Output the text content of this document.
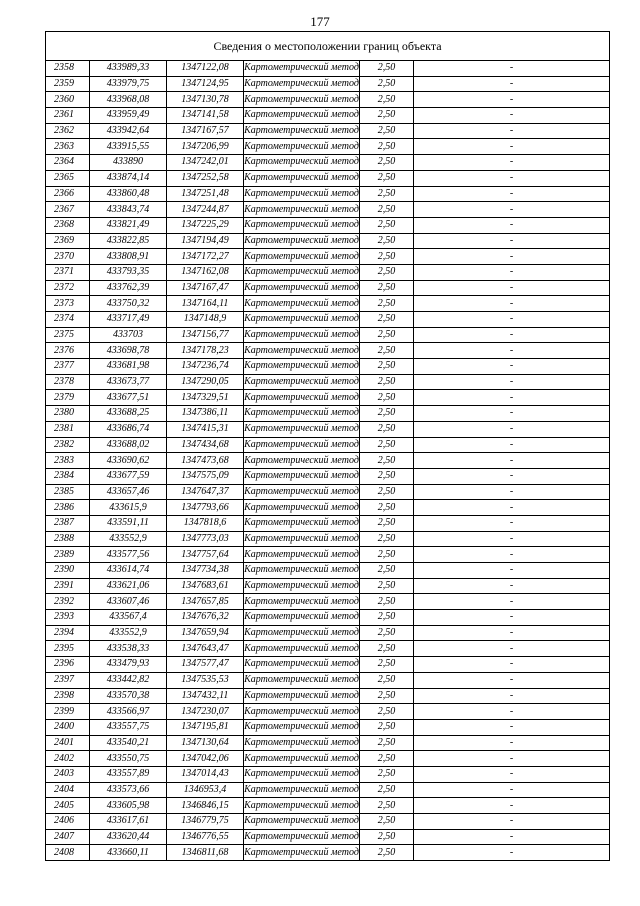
177
Сведения о местоположении границ объекта					
2358	433989,33	1347122,08	Картометрический метод	2,50	-
2359	433979,75	1347124,95	Картометрический метод	2,50	-
2360	433968,08	1347130,78	Картометрический метод	2,50	-
2361	433959,49	1347141,58	Картометрический метод	2,50	-
2362	433942,64	1347167,57	Картометрический метод	2,50	-
2363	433915,55	1347206,99	Картометрический метод	2,50	-
2364	433890	1347242,01	Картометрический метод	2,50	-
2365	433874,14	1347252,58	Картометрический метод	2,50	-
2366	433860,48	1347251,48	Картометрический метод	2,50	-
2367	433843,74	1347244,87	Картометрический метод	2,50	-
2368	433821,49	1347225,29	Картометрический метод	2,50	-
2369	433822,85	1347194,49	Картометрический метод	2,50	-
2370	433808,91	1347172,27	Картометрический метод	2,50	-
2371	433793,35	1347162,08	Картометрический метод	2,50	-
2372	433762,39	1347167,47	Картометрический метод	2,50	-
2373	433750,32	1347164,11	Картометрический метод	2,50	-
2374	433717,49	1347148,9	Картометрический метод	2,50	-
2375	433703	1347156,77	Картометрический метод	2,50	-
2376	433698,78	1347178,23	Картометрический метод	2,50	-
2377	433681,98	1347236,74	Картометрический метод	2,50	-
2378	433673,77	1347290,05	Картометрический метод	2,50	-
2379	433677,51	1347329,51	Картометрический метод	2,50	-
2380	433688,25	1347386,11	Картометрический метод	2,50	-
2381	433686,74	1347415,31	Картометрический метод	2,50	-
2382	433688,02	1347434,68	Картометрический метод	2,50	-
2383	433690,62	1347473,68	Картометрический метод	2,50	-
2384	433677,59	1347575,09	Картометрический метод	2,50	-
2385	433657,46	1347647,37	Картометрический метод	2,50	-
2386	433615,9	1347793,66	Картометрический метод	2,50	-
2387	433591,11	1347818,6	Картометрический метод	2,50	-
2388	433552,9	1347773,03	Картометрический метод	2,50	-
2389	433577,56	1347757,64	Картометрический метод	2,50	-
2390	433614,74	1347734,38	Картометрический метод	2,50	-
2391	433621,06	1347683,61	Картометрический метод	2,50	-
2392	433607,46	1347657,85	Картометрический метод	2,50	-
2393	433567,4	1347676,32	Картометрический метод	2,50	-
2394	433552,9	1347659,94	Картометрический метод	2,50	-
2395	433538,33	1347643,47	Картометрический метод	2,50	-
2396	433479,93	1347577,47	Картометрический метод	2,50	-
2397	433442,82	1347535,53	Картометрический метод	2,50	-
2398	433570,38	1347432,11	Картометрический метод	2,50	-
2399	433566,97	1347230,07	Картометрический метод	2,50	-
2400	433557,75	1347195,81	Картометрический метод	2,50	-
2401	433540,21	1347130,64	Картометрический метод	2,50	-
2402	433550,75	1347042,06	Картометрический метод	2,50	-
2403	433557,89	1347014,43	Картометрический метод	2,50	-
2404	433573,66	1346953,4	Картометрический метод	2,50	-
2405	433605,98	1346846,15	Картометрический метод	2,50	-
2406	433617,61	1346779,75	Картометрический метод	2,50	-
2407	433620,44	1346776,55	Картометрический метод	2,50	-
2408	433660,11	1346811,68	Картометрический метод	2,50	-
